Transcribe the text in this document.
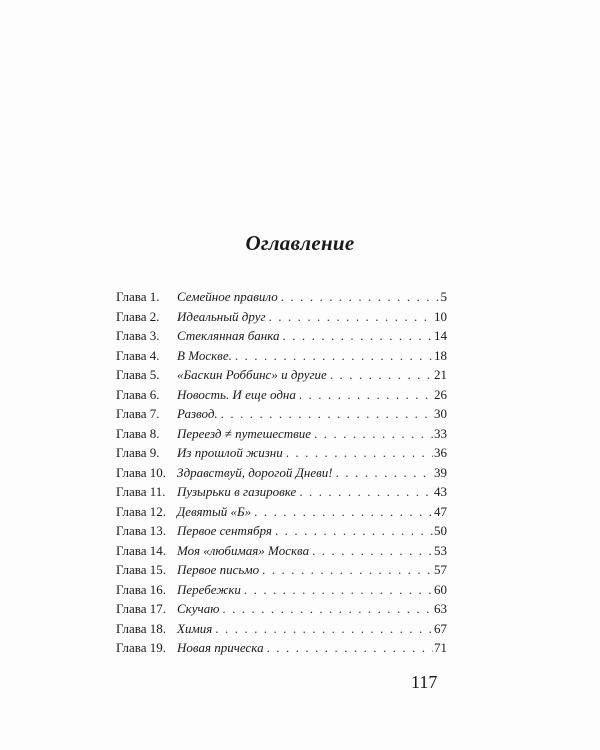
Оглавление
Глава 1.	Семейное правило . . .	5
Глава 2.	Идеальный друг . . .	10
Глава 3.	Стеклянная банка . . .	14
Глава 4.	В Москве. . . .	18
Глава 5.	«Баскин Роббинс» и другие . . .	21
Глава 6.	Новость. И еще одна . . .	26
Глава 7.	Развод. . . .	30
Глава 8.	Переезд ≠ путешествие . . .	33
Глава 9.	Из прошлой жизни . . .	36
Глава 10. Здравствуй, дорогой Дневи! . . .	39
Глава 11. Пузырьки в газировке . . .	43
Глава 12. Девятый «Б» . . .	47
Глава 13. Первое сентября . . .	50
Глава 14. Моя «любимая» Москва . . .	53
Глава 15. Первое письмо . . .	57
Глава 16. Перебежки . . .	60
Глава 17. Скучаю . . .	63
Глава 18. Химия . . .	67
Глава 19. Новая прическа . . .	71

117
